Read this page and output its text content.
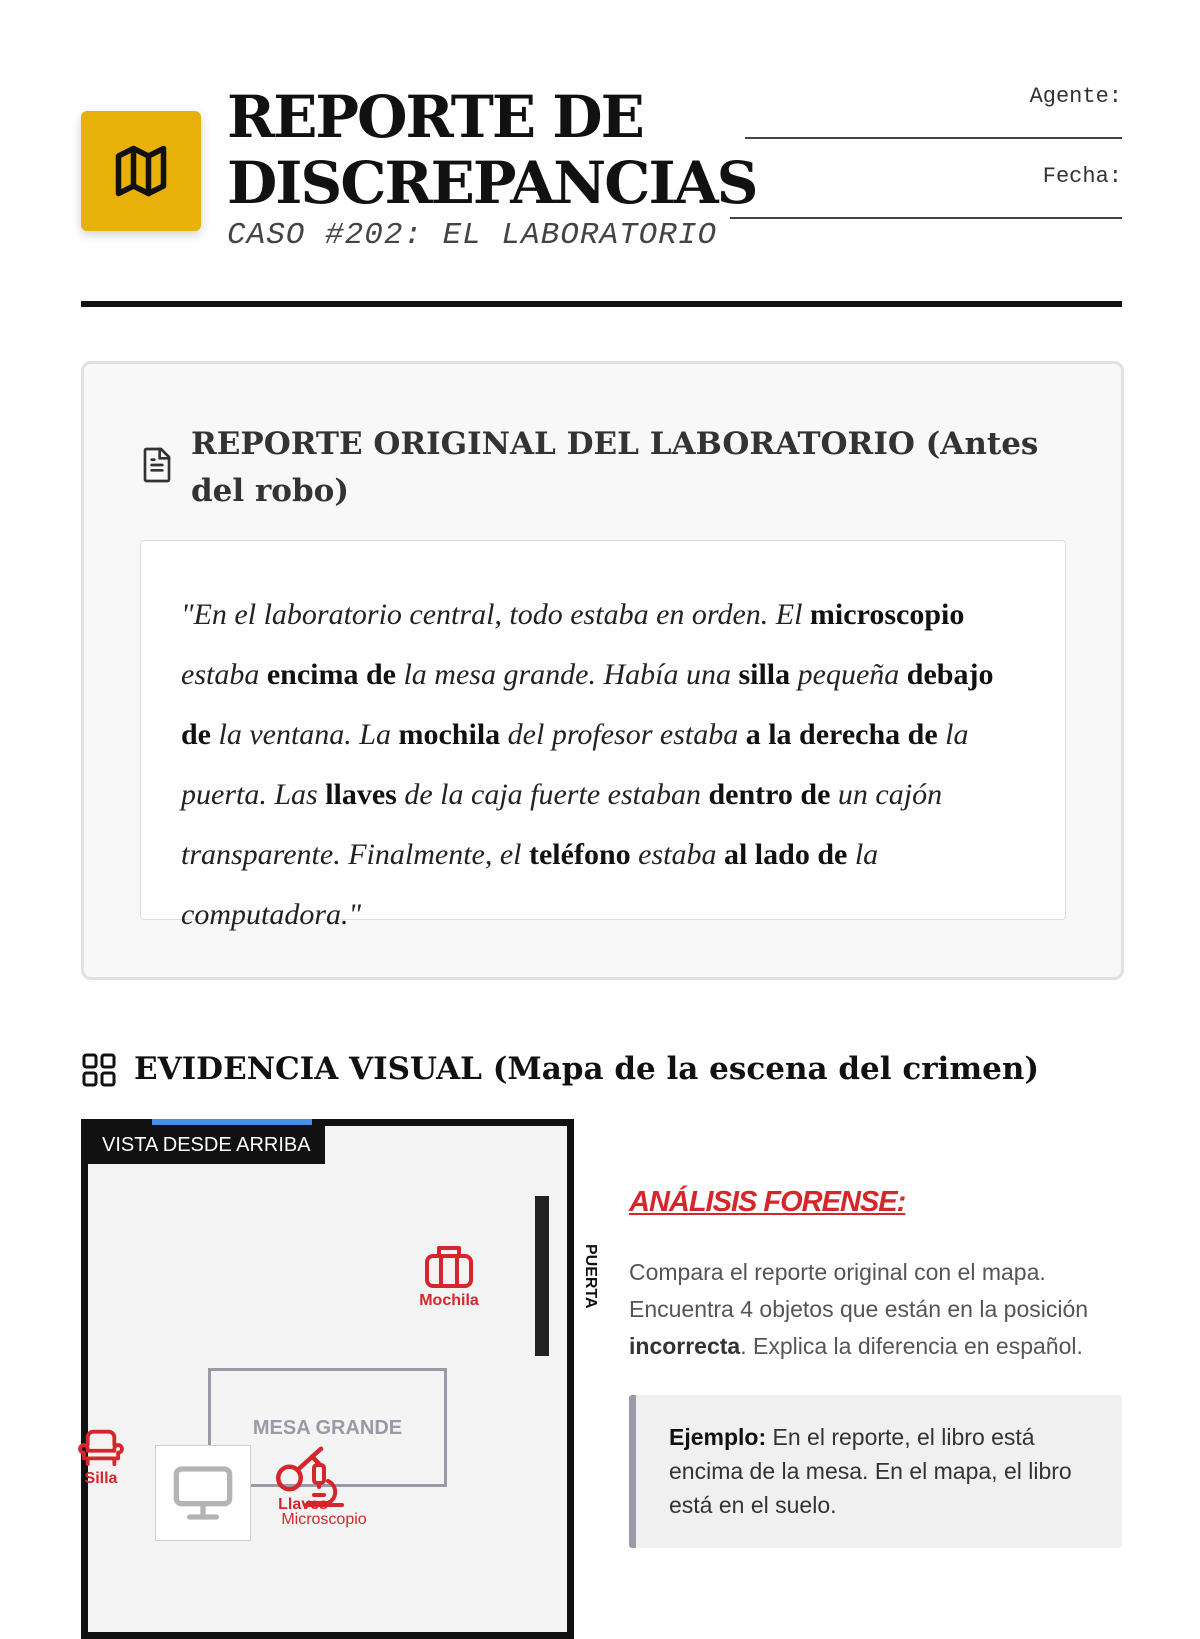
REPORTE DE
DISCREPANCIAS
CASO #202: EL LABORATORIO
Agente:
Fecha:
REPORTE ORIGINAL DEL LABORATORIO (Antes del robo)
"En el laboratorio central, todo estaba en orden. El microscopio estaba encima de la mesa grande. Había una silla pequeña debajo de la ventana. La mochila del profesor estaba a la derecha de la puerta. Las llaves de la caja fuerte estaban dentro de un cajón transparente. Finalmente, el teléfono estaba al lado de la computadora."
EVIDENCIA VISUAL (Mapa de la escena del crimen)
VISTA DESDE ARRIBA
PUERTA
MESA GRANDE
Mochila
Silla
Llaves
Microscopio
ANÁLISIS FORENSE:

Compara el reporte original con el mapa. Encuentra 4 objetos que están en la posición incorrecta. Explica la diferencia en español.

Ejemplo: En el reporte, el libro está encima de la mesa. En el mapa, el libro está en el suelo.
